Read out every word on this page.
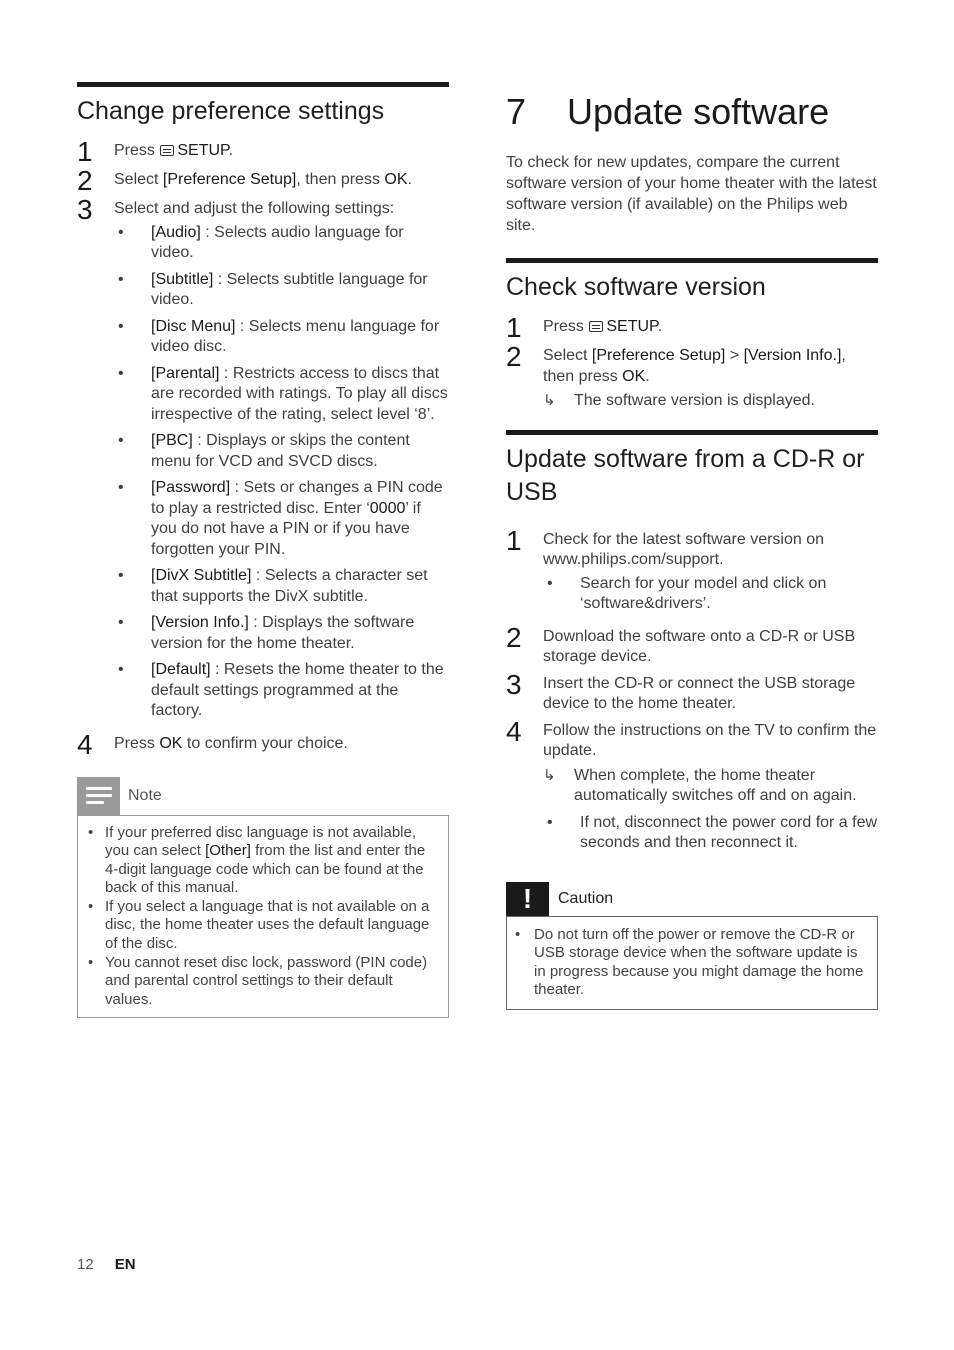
Change preference settings
1	Press SETUP.
2	Select [Preference Setup], then press OK.
3	Select and adjust the following settings:
•	[Audio] : Selects audio language for video.
•	[Subtitle] : Selects subtitle language for video.
•	[Disc Menu] : Selects menu language for video disc.
•	[Parental] : Restricts access to discs that are recorded with ratings. To play all discs irrespective of the rating, select level ‘8’.
•	[PBC] : Displays or skips the content menu for VCD and SVCD discs.
•	[Password] : Sets or changes a PIN code to play a restricted disc. Enter ‘0000’ if you do not have a PIN or if you have forgotten your PIN.
•	[DivX Subtitle] : Selects a character set that supports the DivX subtitle.
•	[Version Info.] : Displays the software version for the home theater.
•	[Default] : Resets the home theater to the default settings programmed at the factory.
4	Press OK to confirm your choice.
Note
• If your preferred disc language is not available, you can select [Other] from the list and enter the 4-digit language code which can be found at the back of this manual.
• If you select a language that is not available on a disc, the home theater uses the default language of the disc.
• You cannot reset disc lock, password (PIN code) and parental control settings to their default values.
7	Update software

To check for new updates, compare the current software version of your home theater with the latest software version (if available) on the Philips web site.

Check software version
1	Press SETUP.
2	Select [Preference Setup] > [Version Info.], then press OK.
↳	The software version is displayed.
Update software from a CD-R or USB
1	Check for the latest software version on www.philips.com/support.
•	Search for your model and click on ‘software&drivers’.
2	Download the software onto a CD-R or USB storage device.
3	Insert the CD-R or connect the USB storage device to the home theater.
4	Follow the instructions on the TV to confirm the update.
↳	When complete, the home theater automatically switches off and on again.
•	If not, disconnect the power cord for a few seconds and then reconnect it.
!	Caution
• Do not turn off the power or remove the CD-R or USB storage device when the software update is in progress because you might damage the home theater.
12 EN
